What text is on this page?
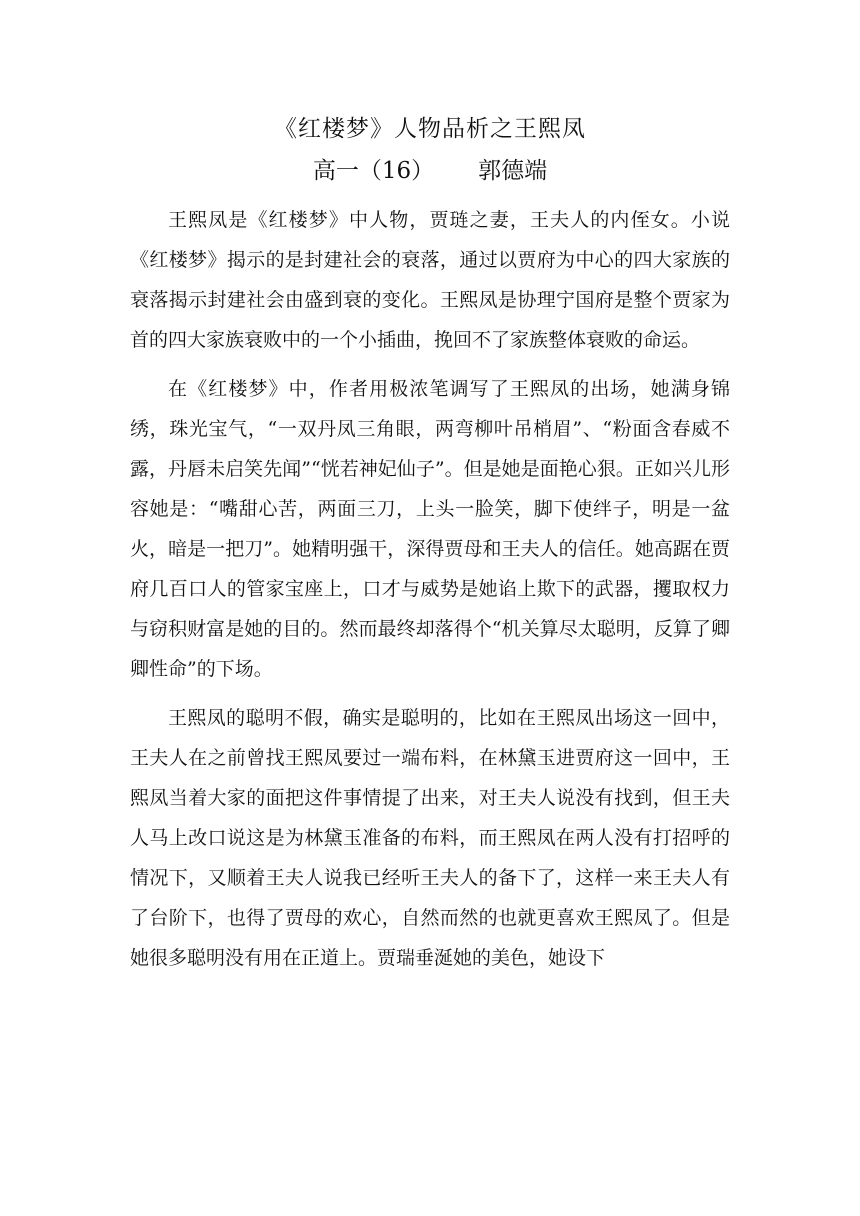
《红楼梦》人物品析之王熙凤
高一（16） 郭德端

王熙凤是《红楼梦》中人物，贾琏之妻，王夫人的内侄女。小说《红楼梦》揭示的是封建社会的衰落，通过以贾府为中心的四大家族的衰落揭示封建社会由盛到衰的变化。王熙凤是协理宁国府是整个贾家为首的四大家族衰败中的一个小插曲，挽回不了家族整体衰败的命运。

在《红楼梦》中，作者用极浓笔调写了王熙凤的出场，她满身锦绣，珠光宝气，“一双丹凤三角眼，两弯柳叶吊梢眉”、“粉面含春威不露，丹唇未启笑先闻”“恍若神妃仙子”。但是她是面艳心狠。正如兴儿形容她是：“嘴甜心苦，两面三刀，上头一脸笑，脚下使绊子，明是一盆火，暗是一把刀”。她精明强干，深得贾母和王夫人的信任。她高踞在贾府几百口人的管家宝座上，口才与威势是她谄上欺下的武器，攫取权力与窃积财富是她的目的。然而最终却落得个“机关算尽太聪明，反算了卿卿性命”的下场。

王熙凤的聪明不假，确实是聪明的，比如在王熙凤出场这一回中，王夫人在之前曾找王熙凤要过一端布料，在林黛玉进贾府这一回中，王熙凤当着大家的面把这件事情提了出来，对王夫人说没有找到，但王夫人马上改口说这是为林黛玉准备的布料，而王熙凤在两人没有打招呼的情况下，又顺着王夫人说我已经听王夫人的备下了，这样一来王夫人有了台阶下，也得了贾母的欢心，自然而然的也就更喜欢王熙凤了。但是她很多聪明没有用在正道上。贾瑞垂涎她的美色，她设下
